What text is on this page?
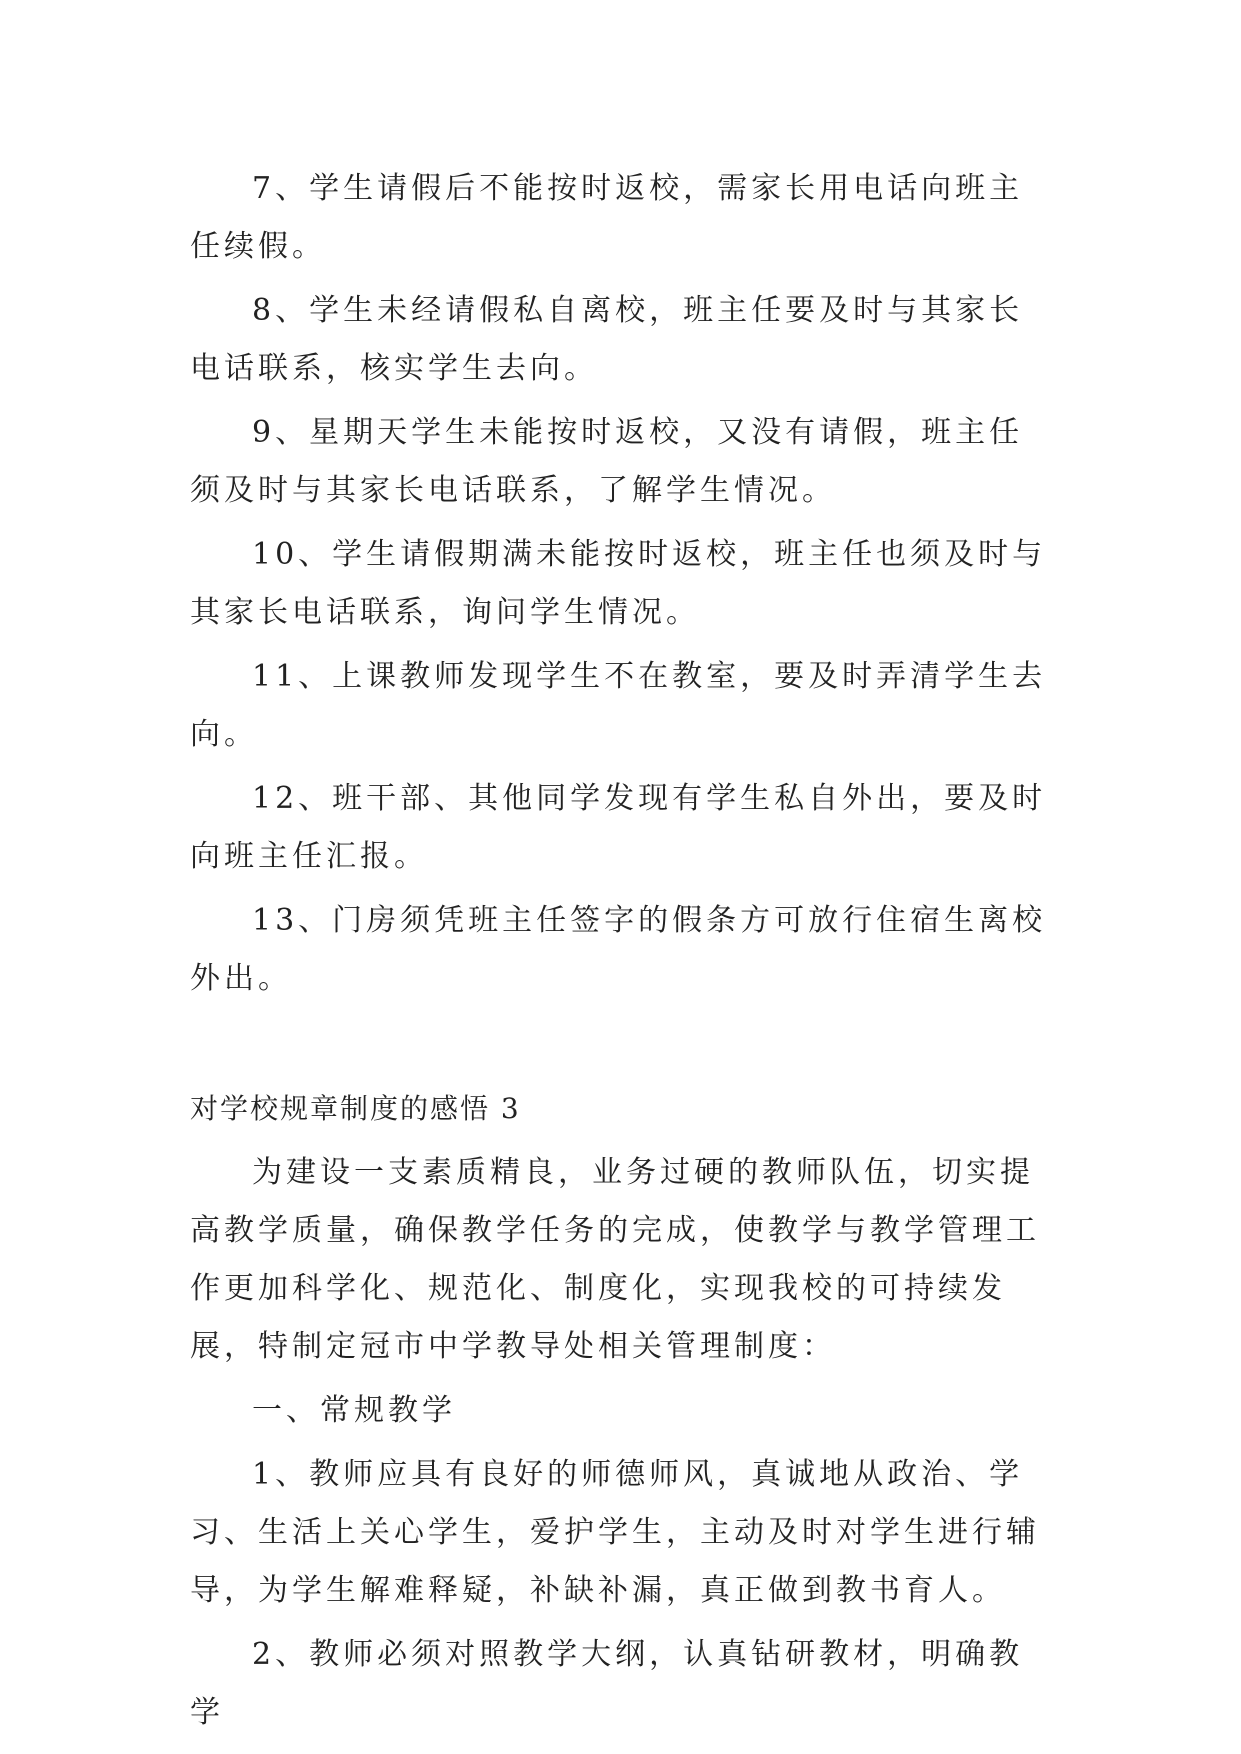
7、学生请假后不能按时返校，需家长用电话向班主任续假。

8、学生未经请假私自离校，班主任要及时与其家长电话联系，核实学生去向。

9、星期天学生未能按时返校，又没有请假，班主任须及时与其家长电话联系，了解学生情况。

10、学生请假期满未能按时返校，班主任也须及时与其家长电话联系，询问学生情况。

11、上课教师发现学生不在教室，要及时弄清学生去向。

12、班干部、其他同学发现有学生私自外出，要及时向班主任汇报。

13、门房须凭班主任签字的假条方可放行住宿生离校外出。

对学校规章制度的感悟 3

为建设一支素质精良，业务过硬的教师队伍，切实提高教学质量，确保教学任务的完成，使教学与教学管理工作更加科学化、规范化、制度化，实现我校的可持续发展，特制定冠市中学教导处相关管理制度：

一、常规教学

1、教师应具有良好的师德师风，真诚地从政治、学习、生活上关心学生，爱护学生，主动及时对学生进行辅导，为学生解难释疑，补缺补漏，真正做到教书育人。

2、教师必须对照教学大纲，认真钻研教材，明确教学
